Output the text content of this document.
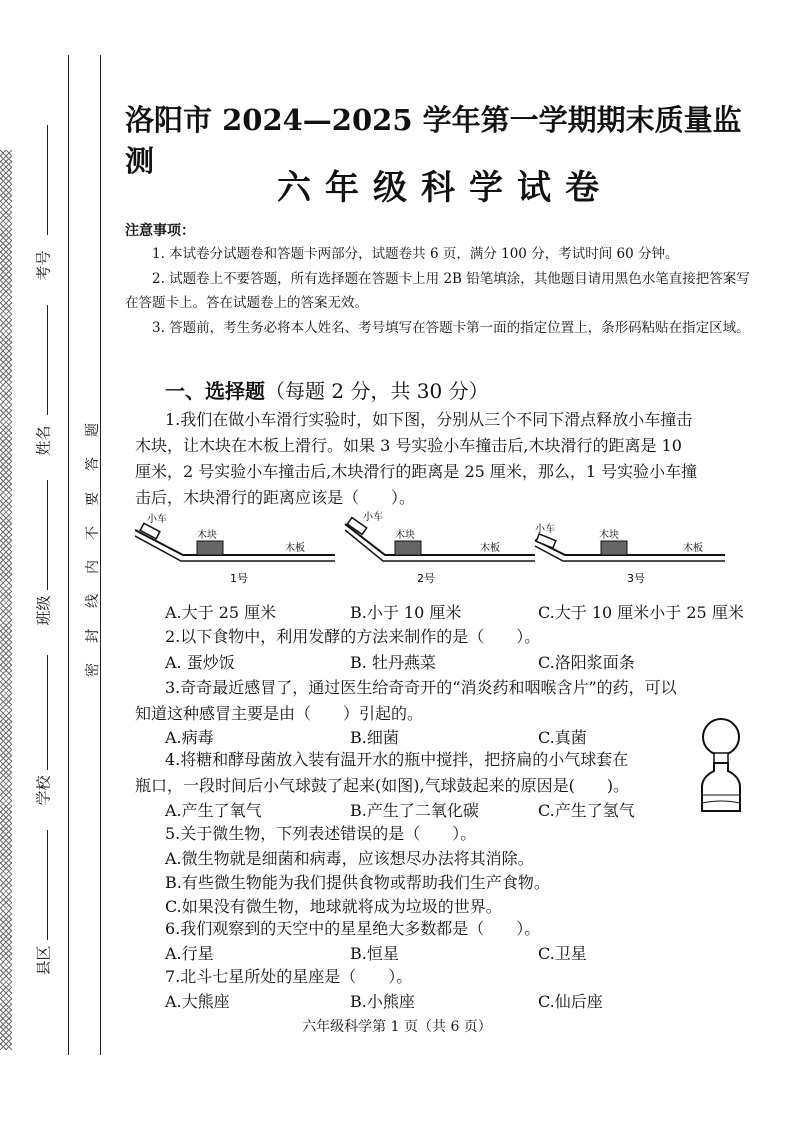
考号
姓名
班级
学校
县区
题
答
要
不
内
线
封
密
洛阳市 2024—2025 学年第一学期期末质量监测
六年级科学试卷
注意事项：

1. 本试卷分试题卷和答题卡两部分，试题卷共 6 页，满分 100 分，考试时间 60 分钟。

2. 试题卷上不要答题，所有选择题在答题卡上用 2B 铅笔填涂，其他题目请用黑色水笔直接把答案写在答题卡上。答在试题卷上的答案无效。

3. 答题前，考生务必将本人姓名、考号填写在答题卡第一面的指定位置上，条形码粘贴在指定区域。

一、选择题（每题 2 分，共 30 分）
1.我们在做小车滑行实验时，如下图，分别从三个不同下滑点释放小车撞击
木块，让木块在木板上滑行。如果 3 号实验小车撞击后,木块滑行的距离是 10
厘米，2 号实验小车撞击后,木块滑行的距离是 25 厘米，那么，1 号实验小车撞
击后，木块滑行的距离应该是（　　）。
小车
木块
木板
1号
小车
木块
木板
2号
小车
木块
木板
3号
A.大于 25 厘米	B.小于 10 厘米	C.大于 10 厘米小于 25 厘米
2.以下食物中，利用发酵的方法来制作的是（　　）。
A. 蛋炒饭	B. 牡丹燕菜	C.洛阳浆面条
3.奇奇最近感冒了，通过医生给奇奇开的“消炎药和咽喉含片”的药，可以
知道这种感冒主要是由（　　）引起的。
A.病毒	B.细菌	C.真菌
4.将糖和酵母菌放入装有温开水的瓶中搅拌，把挤扁的小气球套在
瓶口，一段时间后小气球鼓了起来(如图),气球鼓起来的原因是(　　)。
A.产生了氧气	B.产生了二氧化碳	C.产生了氢气
5.关于微生物，下列表述错误的是（　　）。
A.微生物就是细菌和病毒，应该想尽办法将其消除。
B.有些微生物能为我们提供食物或帮助我们生产食物。
C.如果没有微生物，地球就将成为垃圾的世界。
6.我们观察到的天空中的星星绝大多数都是（　　）。
A.行星	B.恒星	C.卫星
7.北斗七星所处的星座是（　　）。
A.大熊座	B.小熊座	C.仙后座
六年级科学第 1 页（共 6 页）
